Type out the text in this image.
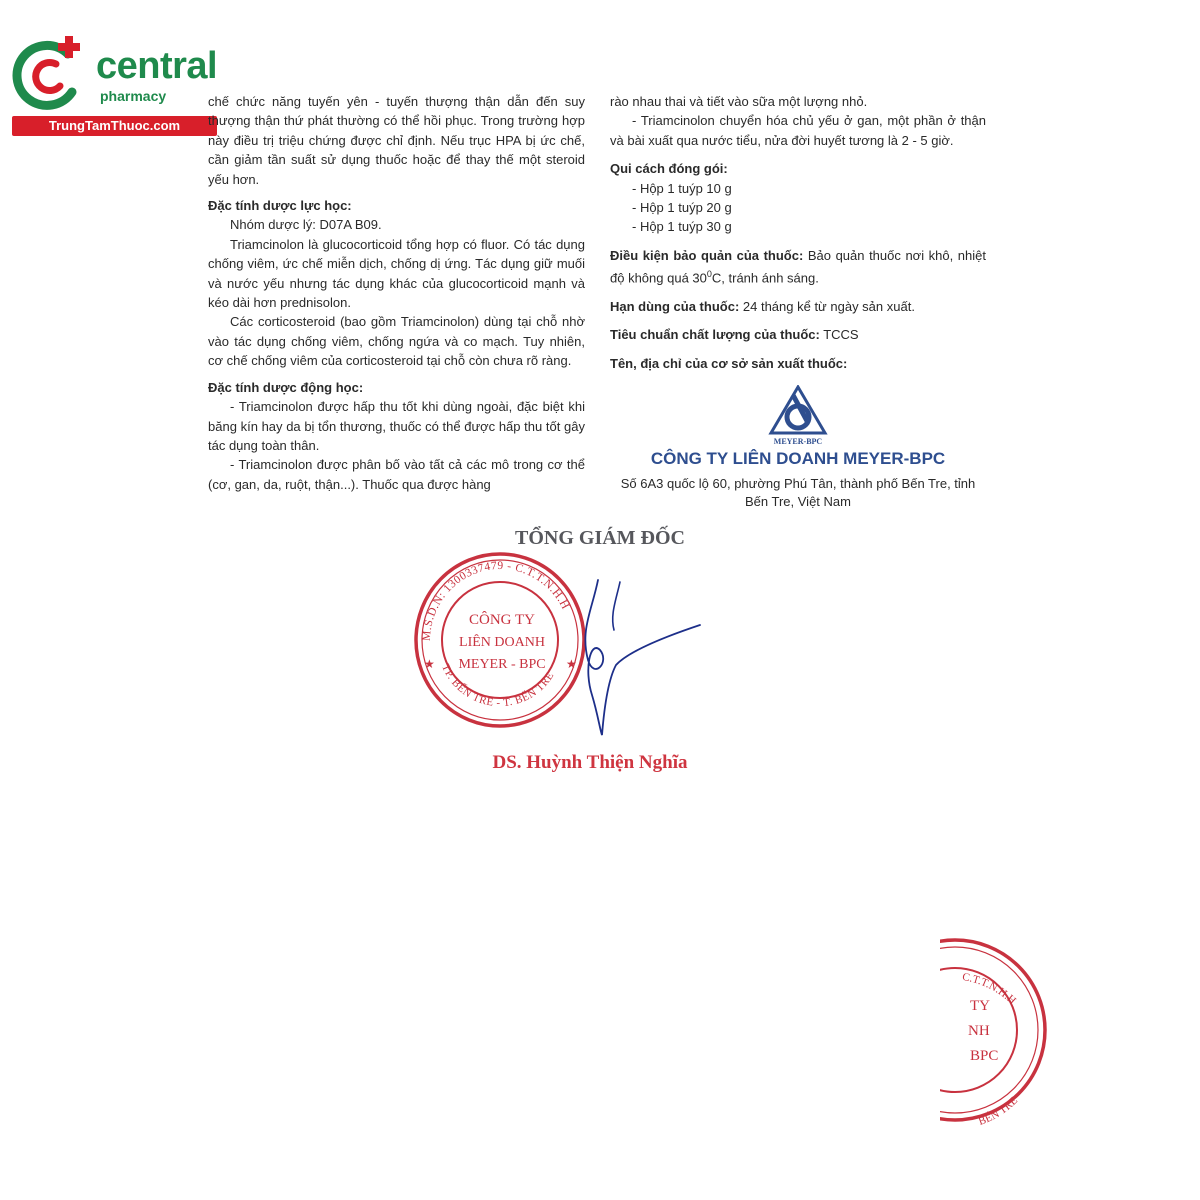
central
pharmacy
TrungTamThuoc.com

chế chức năng tuyến yên - tuyến thượng thận dẫn đến suy thượng thận thứ phát thường có thể hồi phục. Trong trường hợp này điều trị triệu chứng được chỉ định. Nếu trục HPA bị ức chế, cần giảm tần suất sử dụng thuốc hoặc để thay thế một steroid yếu hơn.

Đặc tính dược lực học:

Nhóm dược lý: D07A B09.

Triamcinolon là glucocorticoid tổng hợp có fluor. Có tác dụng chống viêm, ức chế miễn dịch, chống dị ứng. Tác dụng giữ muối và nước yếu nhưng tác dụng khác của glucocorticoid mạnh và kéo dài hơn prednisolon.

Các corticosteroid (bao gồm Triamcinolon) dùng tại chỗ nhờ vào tác dụng chống viêm, chống ngứa và co mạch. Tuy nhiên, cơ chế chống viêm của corticosteroid tại chỗ còn chưa rõ ràng.

Đặc tính dược động học:

- Triamcinolon được hấp thu tốt khi dùng ngoài, đặc biệt khi băng kín hay da bị tổn thương, thuốc có thể được hấp thu tốt gây tác dụng toàn thân.

- Triamcinolon được phân bố vào tất cả các mô trong cơ thể (cơ, gan, da, ruột, thận...). Thuốc qua được hàng

rào nhau thai và tiết vào sữa một lượng nhỏ.

- Triamcinolon chuyển hóa chủ yếu ở gan, một phần ở thận và bài xuất qua nước tiểu, nửa đời huyết tương là 2 - 5 giờ.

Qui cách đóng gói:

- Hộp 1 tuýp 10 g

- Hộp 1 tuýp 20 g

- Hộp 1 tuýp 30 g

Điều kiện bảo quản của thuốc: Bảo quản thuốc nơi khô, nhiệt độ không quá $30^0C$, tránh ánh sáng.

Hạn dùng của thuốc: 24 tháng kể từ ngày sản xuất.

Tiêu chuẩn chất lượng của thuốc: TCCS

Tên, địa chỉ của cơ sở sản xuất thuốc:

MEYER-BPC
CÔNG TY LIÊN DOANH MEYER-BPC
Số 6A3 quốc lộ 60, phường Phú Tân, thành phố Bến Tre, tỉnh Bến Tre, Việt Nam
TỔNG GIÁM ĐỐC
M.S.D.N: 1300337479 - C.T.T.N.H.H
TP. BẾN TRE - T. BẾN TRE
★	★
CÔNG TY
LIÊN DOANH
MEYER - BPC
DS. Huỳnh Thiện Nghĩa
C.T.T.N.H.H
BẾN TRE
TY
NH
BPC
